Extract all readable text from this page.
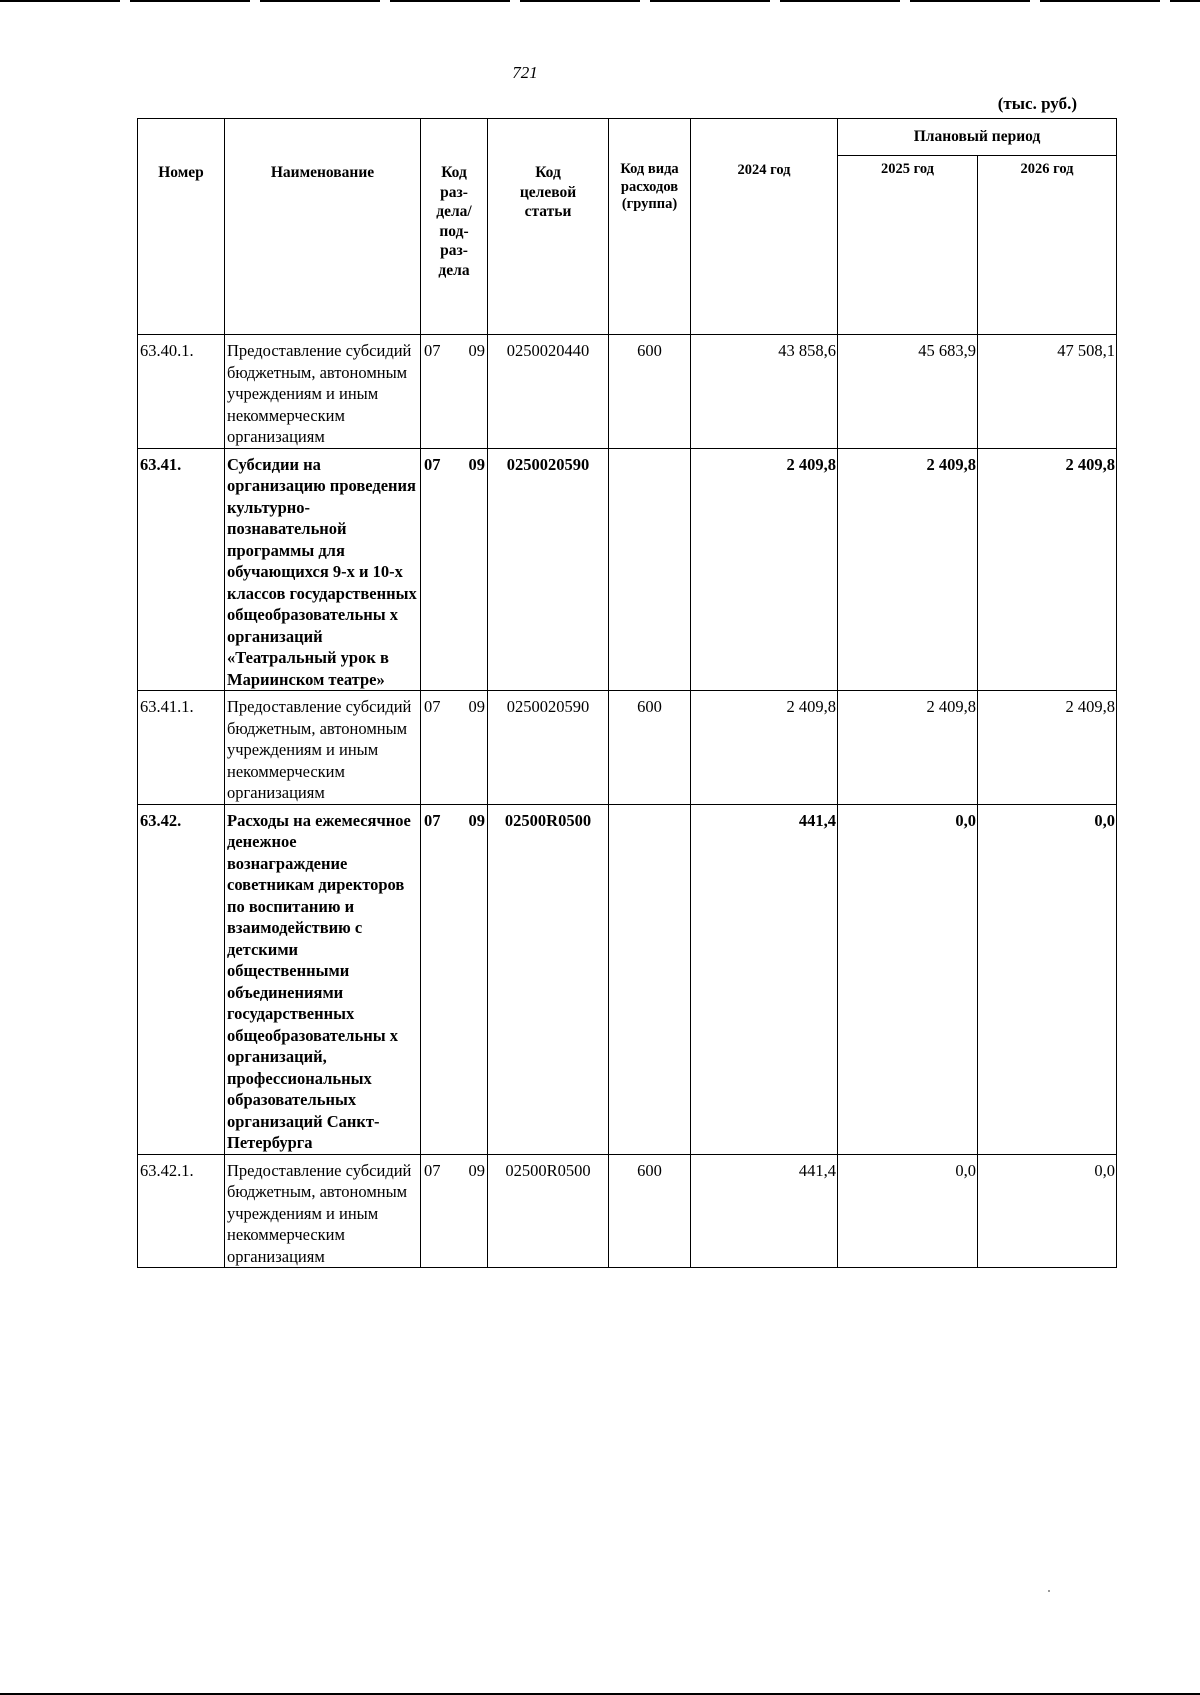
721
(тыс. руб.)
Номер	Наименование	Код раз-дела/ под-раз-дела	Код целевой статьи	Код вида расходов (группа)	2024 год	Плановый период	
						2025 год	2026 год
63.40.1.	Предоставление субсидий бюджетным, автономным учреждениям и иным некоммерческим организациям	07 09	0250020440	600	43 858,6	45 683,9	47 508,1
63.41.	Субсидии на организацию проведения культурно-познавательной программы для обучающихся 9-х и 10-х классов государственных общеобразовательны х организаций «Театральный урок в Мариинском театре»	07 09	0250020590		2 409,8	2 409,8	2 409,8
63.41.1.	Предоставление субсидий бюджетным, автономным учреждениям и иным некоммерческим организациям	07 09	0250020590	600	2 409,8	2 409,8	2 409,8
63.42.	Расходы на ежемесячное денежное вознаграждение советникам директоров по воспитанию и взаимодействию с детскими общественными объединениями государственных общеобразовательны х организаций, профессиональных образовательных организаций Санкт-Петербурга	07 09	02500R0500		441,4	0,0	0,0
63.42.1.	Предоставление субсидий бюджетным, автономным учреждениям и иным некоммерческим организациям	07 09	02500R0500	600	441,4	0,0	0,0
